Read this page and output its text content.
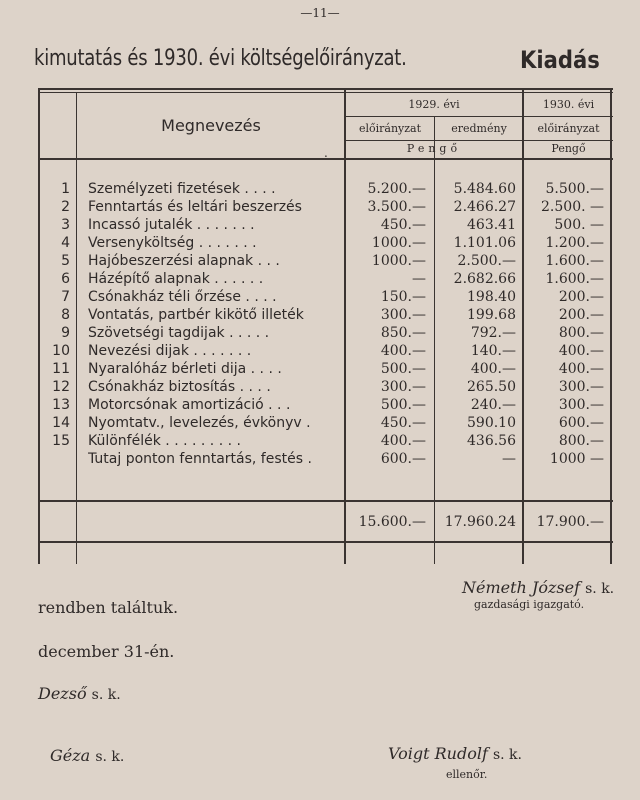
—11—
kimutatás és 1930. évi költségelőirányzat.	Kiadás
Megnevezés
.
1929. évi	1930. évi
előirányzat	eredmény	előirányzat
Pengő	Pengő
1 Személyzeti fizetések . . . .	5.200.—	5.484.60	5.500.—
2 Fenntartás és leltári beszerzés	3.500.—	2.466.27	2.500. —
3 Incassó jutalék . . . . . . .	450.—	463.41	500. —
4 Versenyköltség . . . . . . .	1000.—	1.101.06	1.200.—
5 Hajóbeszerzési alapnak . . .	1000.—	2.500.—	1.600.—
6 Házépítő alapnak . . . . . .	—	2.682.66	1.600.—
7 Csónakház téli őrzése . . . .	150.—	198.40	200.—
8 Vontatás, partbér kikötő illeték	300.—	199.68	200.—
9 Szövetségi tagdijak . . . . .	850.—	792.—	800.—
10 Nevezési dijak . . . . . . .	400.—	140.—	400.—
11 Nyaralóház bérleti dija . . . .	500.—	400.—	400.—
12 Csónakház biztosítás . . . .	300.—	265.50	300.—
13 Motorcsónak amortizáció . . .	500.—	240.—	300.—
14 Nyomtatv., levelezés, évkönyv .	450.—	590.10	600.—
15 Különfélék . . . . . . . . .	400.—	436.56	800.—
Tutaj ponton fenntartás, festés .	600.—	—	1000 —
15.600.—	17.960.24	17.900.—
Németh József s. k.
gazdasági igazgató.
rendben találtuk.
december 31-én.
Dezső s. k.
Géza s. k.	Voigt Rudolf s. k.
ellenőr.
